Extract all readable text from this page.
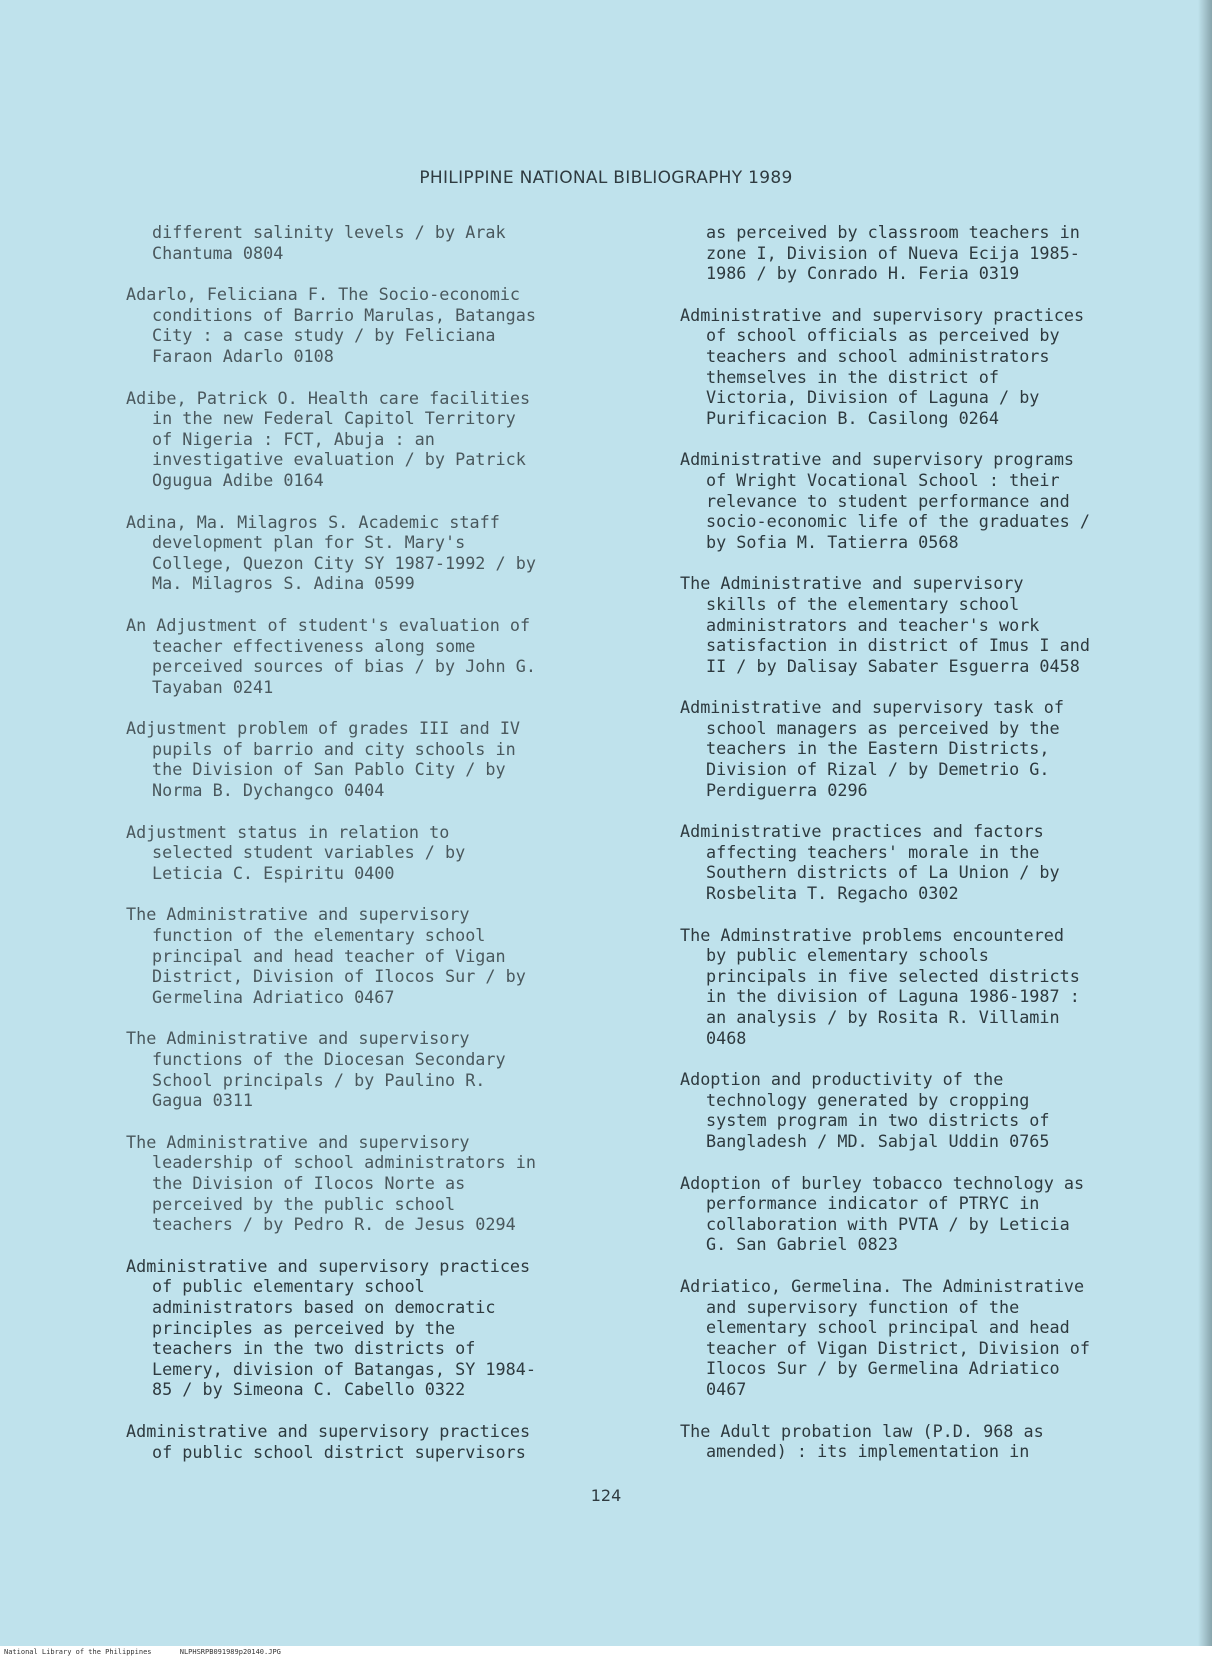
PHILIPPINE NATIONAL BIBLIOGRAPHY 1989
different salinity levels / by Arak
Chantuma 0804
Adarlo, Feliciana F. The Socio-economic
conditions of Barrio Marulas, Batangas
City : a case study / by Feliciana
Faraon Adarlo 0108
Adibe, Patrick O. Health care facilities
in the new Federal Capitol Territory
of Nigeria : FCT, Abuja : an
investigative evaluation / by Patrick
Ogugua Adibe 0164
Adina, Ma. Milagros S. Academic staff
development plan for St. Mary's
College, Quezon City SY 1987-1992 / by
Ma. Milagros S. Adina 0599
An Adjustment of student's evaluation of
teacher effectiveness along some
perceived sources of bias / by John G.
Tayaban 0241
Adjustment problem of grades III and IV
pupils of barrio and city schools in
the Division of San Pablo City / by
Norma B. Dychangco 0404
Adjustment status in relation to
selected student variables / by
Leticia C. Espiritu 0400
The Administrative and supervisory
function of the elementary school
principal and head teacher of Vigan
District, Division of Ilocos Sur / by
Germelina Adriatico 0467
The Administrative and supervisory
functions of the Diocesan Secondary
School principals / by Paulino R.
Gagua 0311
The Administrative and supervisory
leadership of school administrators in
the Division of Ilocos Norte as
perceived by the public school
teachers / by Pedro R. de Jesus 0294
Administrative and supervisory practices
of public elementary school
administrators based on democratic
principles as perceived by the
teachers in the two districts of
Lemery, division of Batangas, SY 1984-
85 / by Simeona C. Cabello 0322
Administrative and supervisory practices
of public school district supervisors
as perceived by classroom teachers in
zone I, Division of Nueva Ecija 1985-
1986 / by Conrado H. Feria 0319
Administrative and supervisory practices
of school officials as perceived by
teachers and school administrators
themselves in the district of
Victoria, Division of Laguna / by
Purificacion B. Casilong 0264
Administrative and supervisory programs
of Wright Vocational School : their
relevance to student performance and
socio-economic life of the graduates /
by Sofia M. Tatierra 0568
The Administrative and supervisory
skills of the elementary school
administrators and teacher's work
satisfaction in district of Imus I and
II / by Dalisay Sabater Esguerra 0458
Administrative and supervisory task of
school managers as perceived by the
teachers in the Eastern Districts,
Division of Rizal / by Demetrio G.
Perdiguerra 0296
Administrative practices and factors
affecting teachers' morale in the
Southern districts of La Union / by
Rosbelita T. Regacho 0302
The Adminstrative problems encountered
by public elementary schools
principals in five selected districts
in the division of Laguna 1986-1987 :
an analysis / by Rosita R. Villamin
0468
Adoption and productivity of the
technology generated by cropping
system program in two districts of
Bangladesh / MD. Sabjal Uddin 0765
Adoption of burley tobacco technology as
performance indicator of PTRYC in
collaboration with PVTA / by Leticia
G. San Gabriel 0823
Adriatico, Germelina. The Administrative
and supervisory function of the
elementary school principal and head
teacher of Vigan District, Division of
Ilocos Sur / by Germelina Adriatico
0467
The Adult probation law (P.D. 968 as
amended) : its implementation in
124
National Library of the Philippines	NLPHSRPB091989p20140.JPG
